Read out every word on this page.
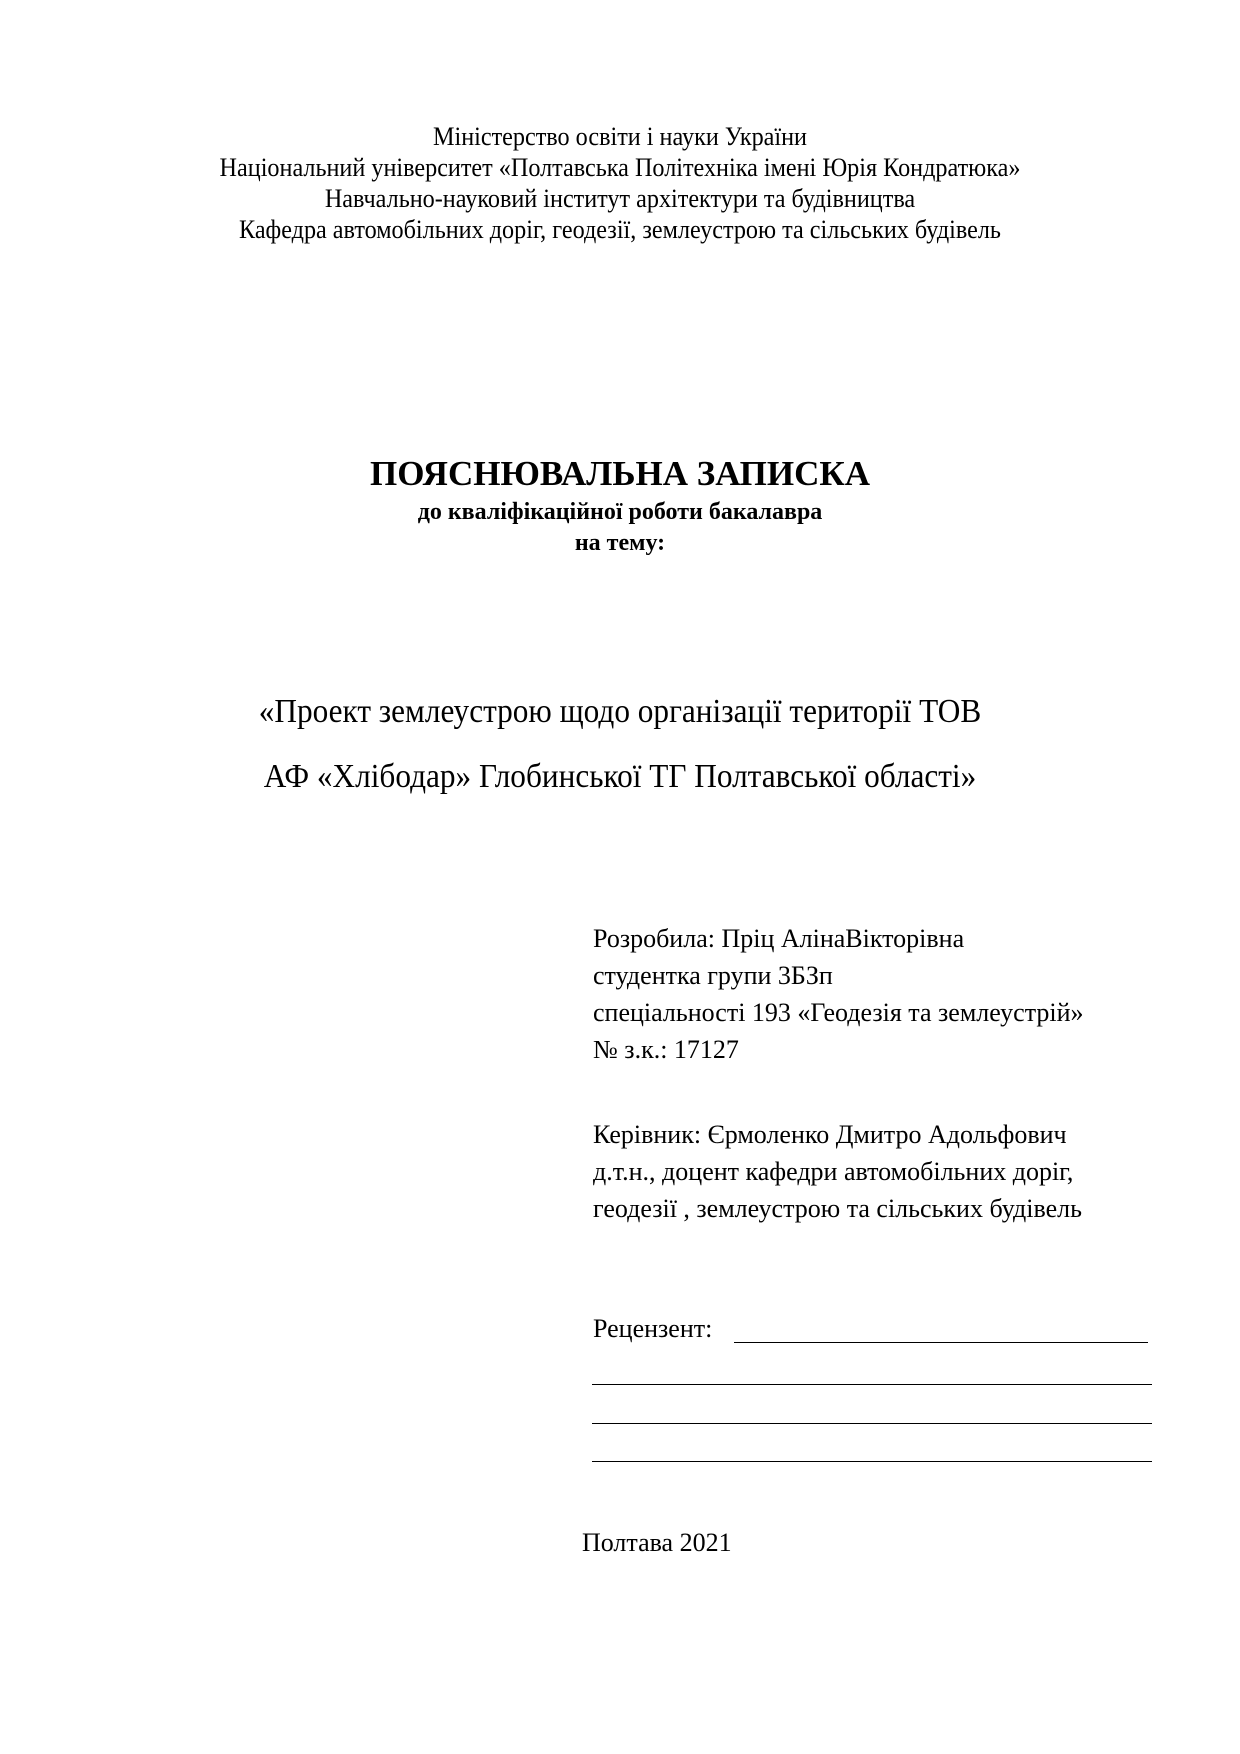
Міністерство освіти і науки України
Національний університет «Полтавська Політехніка імені Юрія Кондратюка»
Навчально-науковий інститут архітектури та будівництва
Кафедра автомобільних доріг, геодезії, землеустрою та сільських будівель
ПОЯСНЮВАЛЬНА ЗАПИСКА
до кваліфікаційної роботи бакалавра
на тему:
«Проект землеустрою щодо організації території ТОВ
АФ «Хлібодар» Глобинської ТГ Полтавської області»
Розробила: Пріц АлінаВікторівна
студентка групи 3БЗп
спеціальності 193 «Геодезія та землеустрій»
№ з.к.: 17127
Керівник: Єрмоленко Дмитро Адольфович
д.т.н., доцент кафедри автомобільних доріг,
геодезії , землеустрою та сільських будівель
Рецензент:
Полтава 2021
